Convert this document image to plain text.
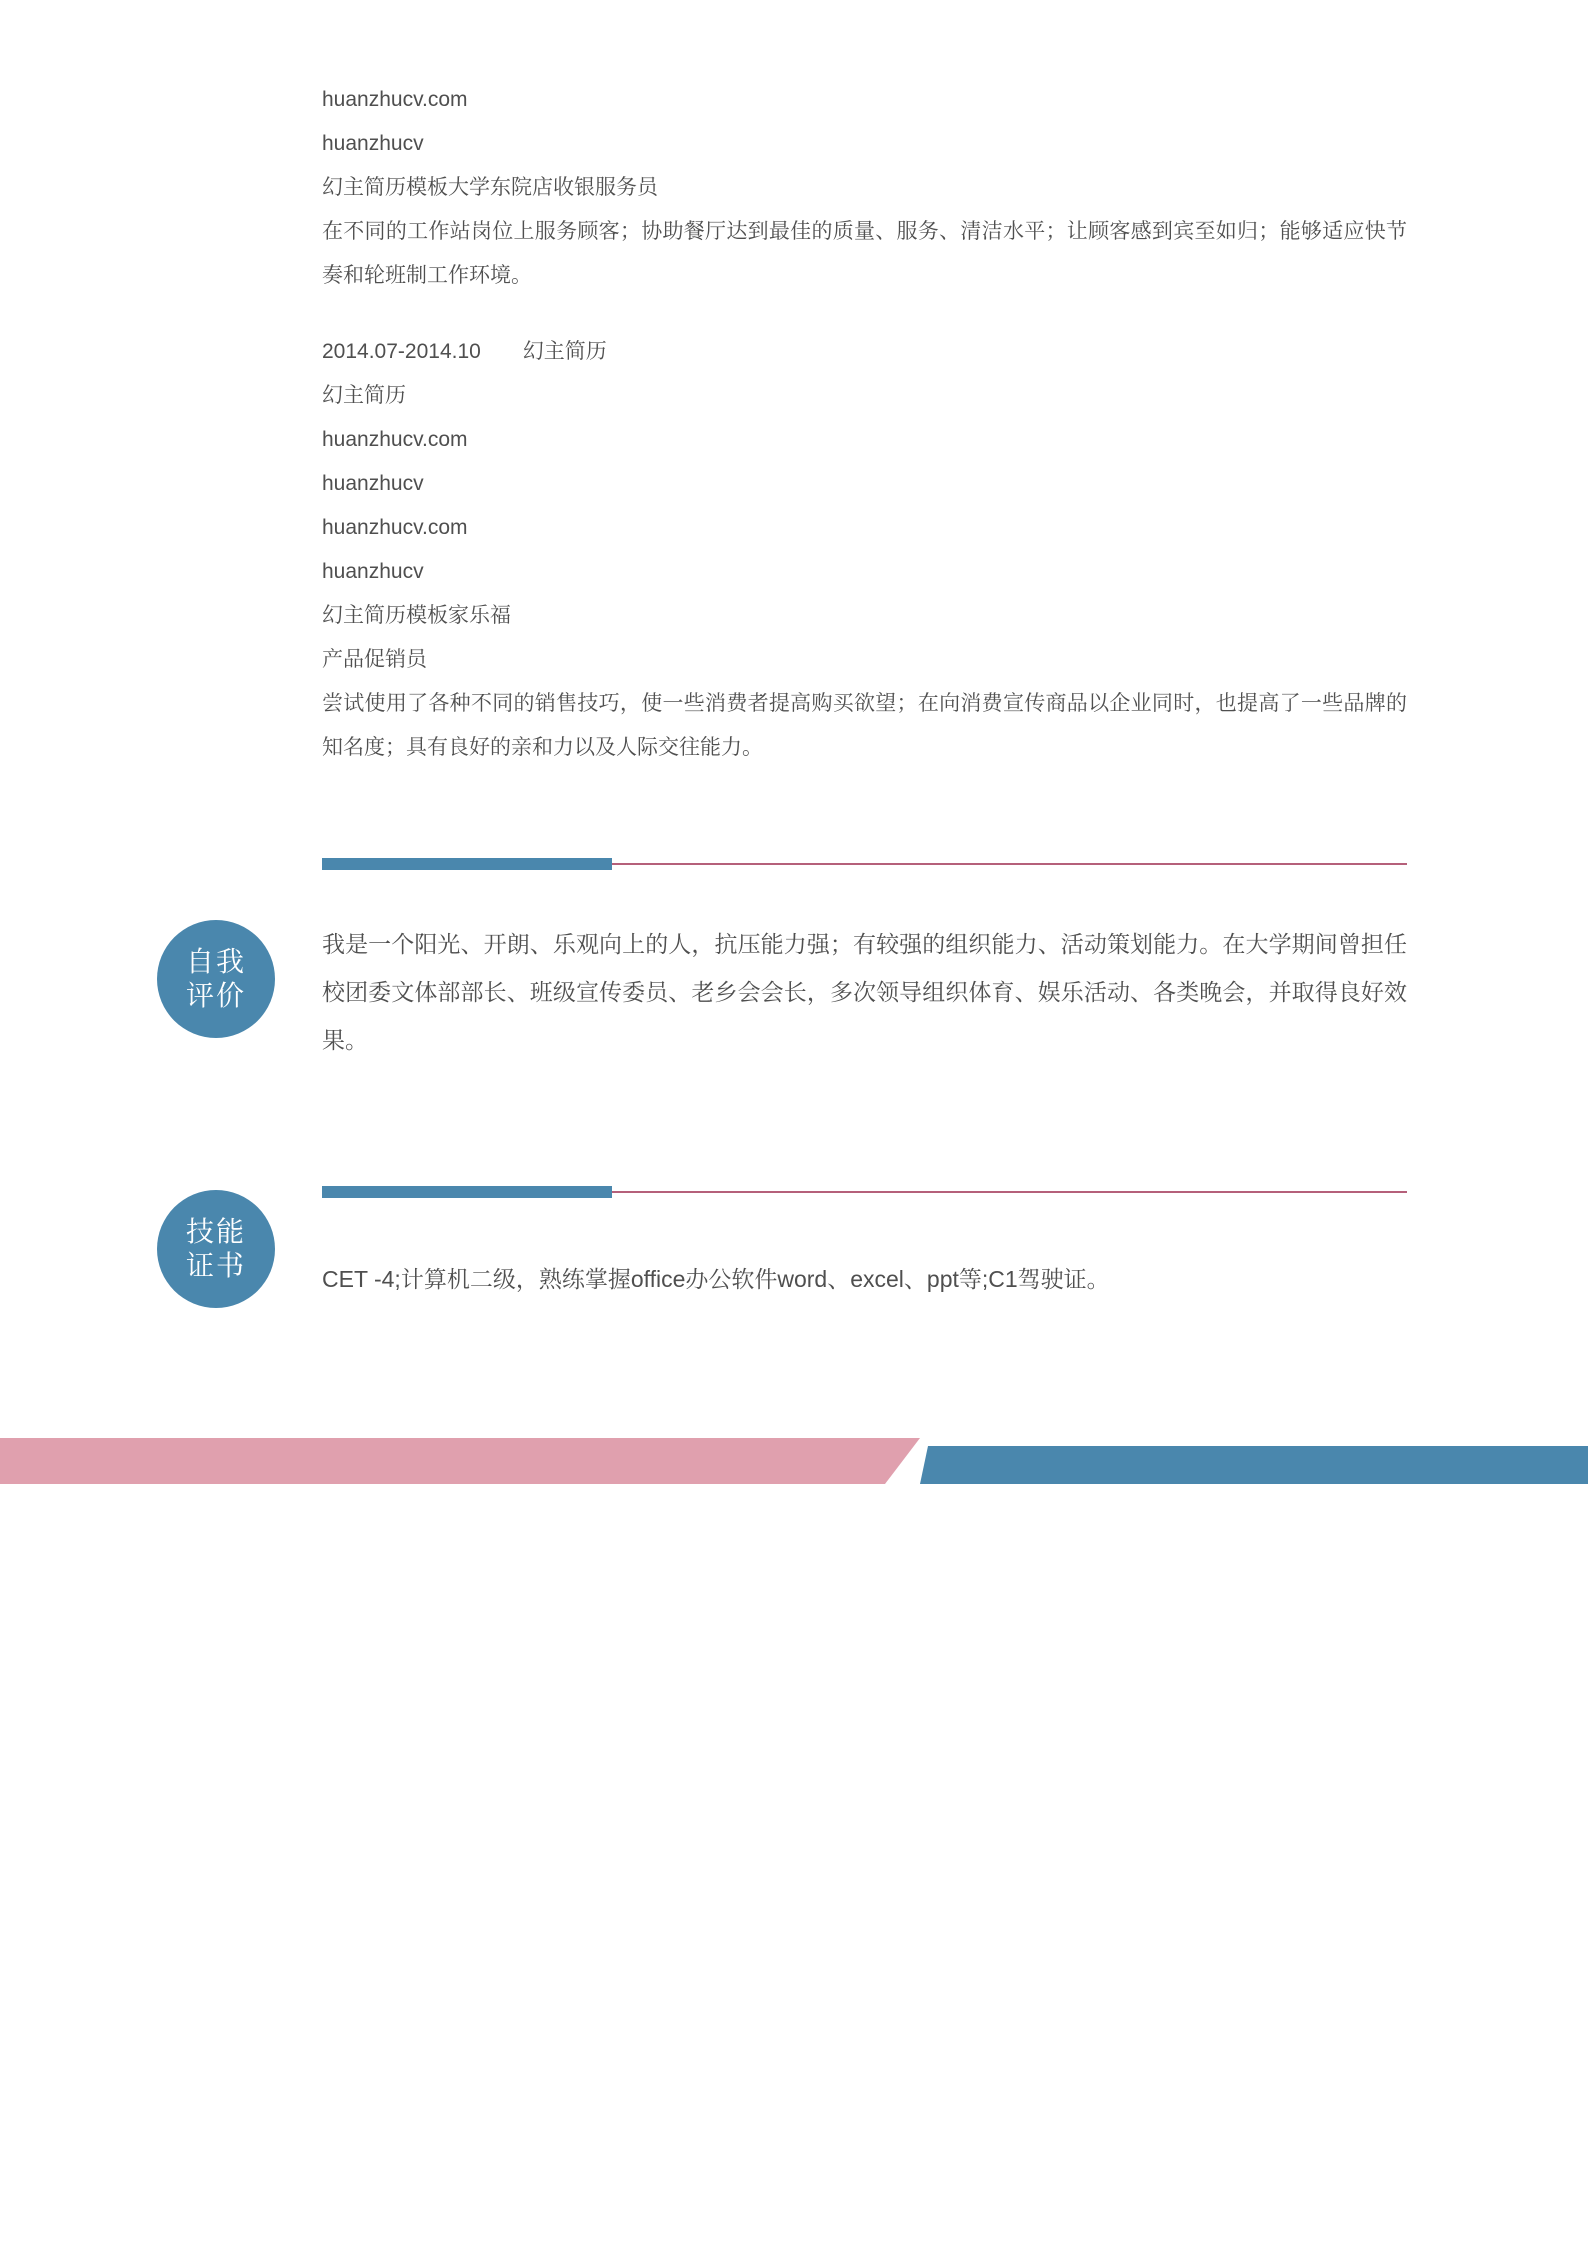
huanzhucv.com
huanzhucv
幻主简历模板大学东院店收银服务员

在不同的工作站岗位上服务顾客；协助餐厅达到最佳的质量、服务、清洁水平；让顾客感到宾至如归；能够适应快节奏和轮班制工作环境。

2014.07-2014.10 幻主简历
幻主简历
huanzhucv.com
huanzhucv
huanzhucv.com
huanzhucv
幻主简历模板家乐福
产品促销员

尝试使用了各种不同的销售技巧，使一些消费者提高购买欲望；在向消费宣传商品以企业同时，也提高了一些品牌的知名度；具有良好的亲和力以及人际交往能力。

自我
评价
我是一个阳光、开朗、乐观向上的人，抗压能力强；有较强的组织能力、活动策划能力。在大学期间曾担任校团委文体部部长、班级宣传委员、老乡会会长，多次领导组织体育、娱乐活动、各类晚会，并取得良好效果。
技能
证书	CET -4;计算机二级，熟练掌握office办公软件word、excel、ppt等;C1驾驶证。
